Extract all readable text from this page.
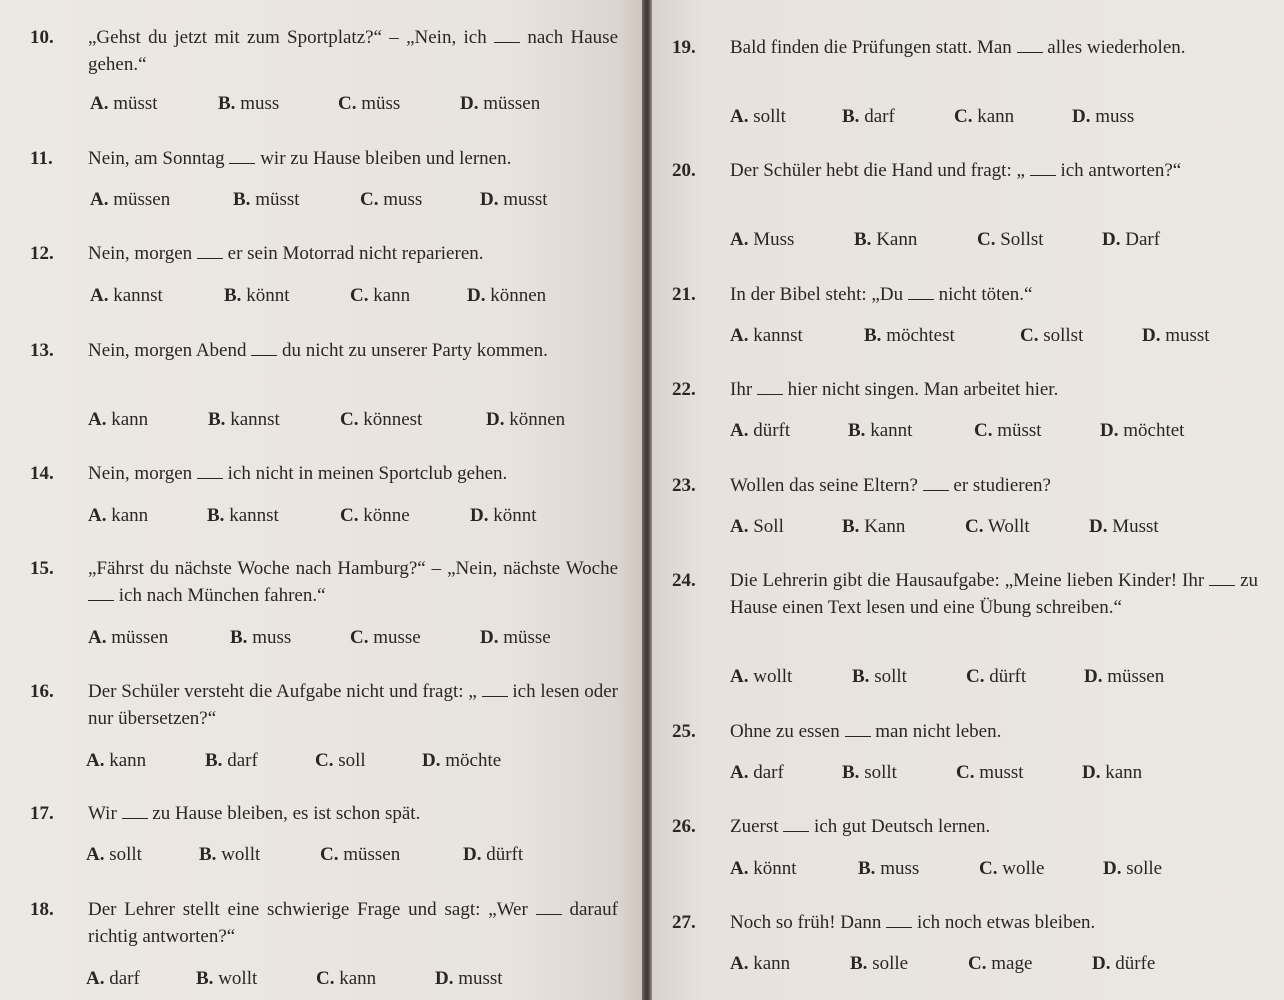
10. „Gehst du jetzt mit zum Sportplatz?“ – „Nein, ich nach Hause gehen.“
A. müsst	B. muss	C. müss	D. müssen
11. Nein, am Sonntag wir zu Hause bleiben und lernen.
A. müssen	B. müsst	C. muss	D. musst
12. Nein, morgen er sein Motorrad nicht reparieren.
A. kannst	B. könnt	C. kann	D. können
13. Nein, morgen Abend du nicht zu unserer Party kommen.
A. kann	B. kannst	C. könnest	D. können
14. Nein, morgen ich nicht in meinen Sportclub gehen.
A. kann	B. kannst	C. könne	D. könnt
15. „Fährst du nächste Woche nach Hamburg?“ – „Nein, nächste Woche  ich nach München fahren.“
A. müssen	B. muss	C. musse	D. müsse
16. Der Schüler versteht die Aufgabe nicht und fragt: „ ich lesen oder nur übersetzen?“
A. kann	B. darf	C. soll	D. möchte
17. Wir zu Hause bleiben, es ist schon spät.
A. sollt	B. wollt	C. müssen	D. dürft
18. Der Lehrer stellt eine schwierige Frage und sagt: „Wer darauf richtig antworten?“
A. darf	B. wollt	C. kann	D. musst
19. Bald finden die Prüfungen statt. Man alles wiederholen.
A. sollt	B. darf	C. kann	D. muss
20. Der Schüler hebt die Hand und fragt: „ ich antworten?“
A. Muss	B. Kann	C. Sollst	D. Darf
21. In der Bibel steht: „Du nicht töten.“
A. kannst	B. möchtest	C. sollst	D. musst
22. Ihr hier nicht singen. Man arbeitet hier.
A. dürft	B. kannt	C. müsst	D. möchtet
23. Wollen das seine Eltern? er studieren?
A. Soll	B. Kann	C. Wollt	D. Musst
24. Die Lehrerin gibt die Hausaufgabe: „Meine lieben Kinder! Ihr zu Hause einen Text lesen und eine Übung schreiben.“
A. wollt	B. sollt	C. dürft	D. müssen
25. Ohne zu essen man nicht leben.
A. darf	B. sollt	C. musst	D. kann
26. Zuerst ich gut Deutsch lernen.
A. könnt	B. muss	C. wolle	D. solle
27. Noch so früh! Dann ich noch etwas bleiben.
A. kann	B. solle	C. mage	D. dürfe
